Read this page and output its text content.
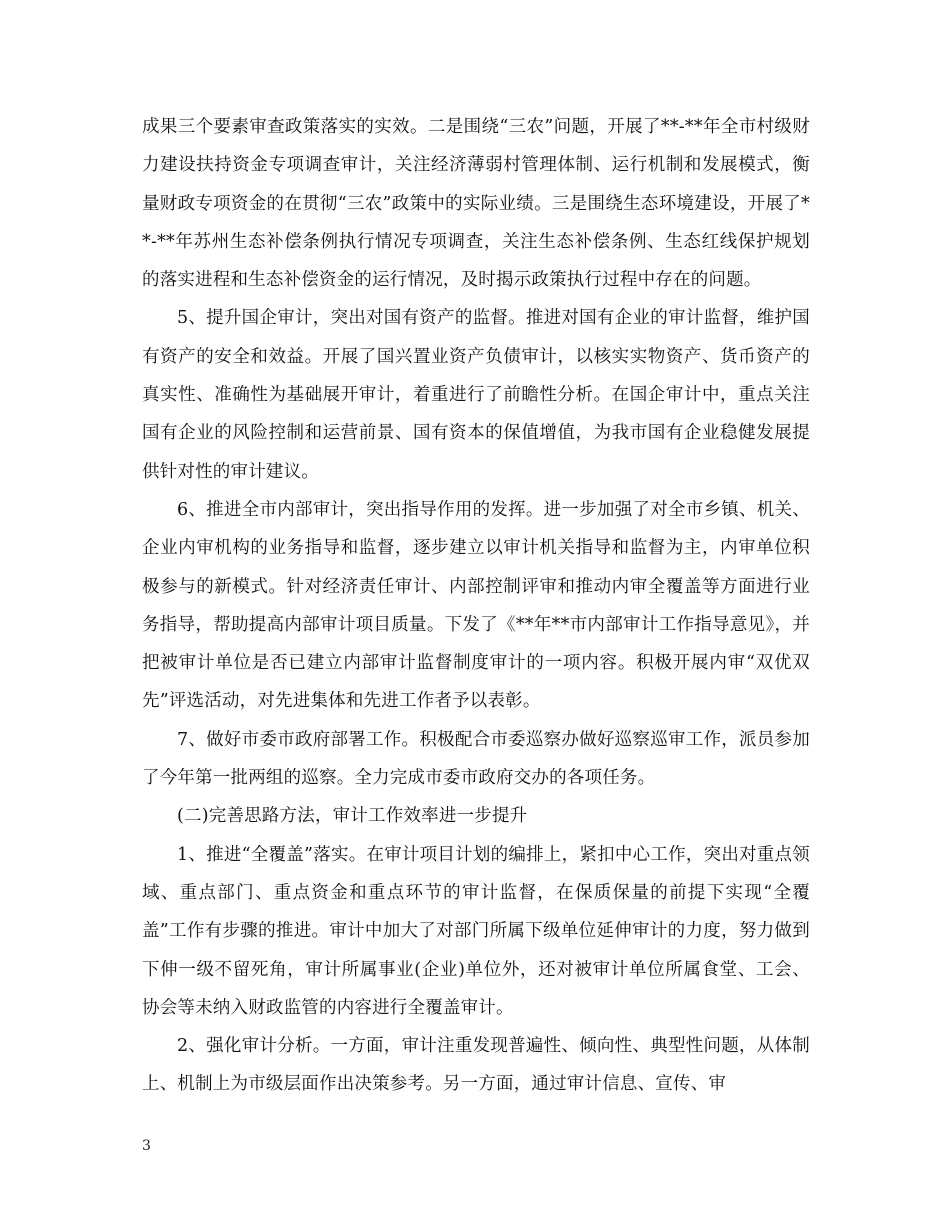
成果三个要素审查政策落实的实效。二是围绕“三农”问题，开展了**-**年全市村级财力建设扶持资金专项调查审计，关注经济薄弱村管理体制、运行机制和发展模式，衡量财政专项资金的在贯彻“三农”政策中的实际业绩。三是围绕生态环境建设，开展了**-**年苏州生态补偿条例执行情况专项调查，关注生态补偿条例、生态红线保护规划的落实进程和生态补偿资金的运行情况，及时揭示政策执行过程中存在的问题。

5、提升国企审计，突出对国有资产的监督。推进对国有企业的审计监督，维护国有资产的安全和效益。开展了国兴置业资产负债审计，以核实实物资产、货币资产的真实性、准确性为基础展开审计，着重进行了前瞻性分析。在国企审计中，重点关注国有企业的风险控制和运营前景、国有资本的保值增值，为我市国有企业稳健发展提供针对性的审计建议。

6、推进全市内部审计，突出指导作用的发挥。进一步加强了对全市乡镇、机关、企业内审机构的业务指导和监督，逐步建立以审计机关指导和监督为主，内审单位积极参与的新模式。针对经济责任审计、内部控制评审和推动内审全覆盖等方面进行业务指导，帮助提高内部审计项目质量。下发了《**年**市内部审计工作指导意见》，并把被审计单位是否已建立内部审计监督制度审计的一项内容。积极开展内审“双优双先”评选活动，对先进集体和先进工作者予以表彰。

7、做好市委市政府部署工作。积极配合市委巡察办做好巡察巡审工作，派员参加了今年第一批两组的巡察。全力完成市委市政府交办的各项任务。

(二)完善思路方法，审计工作效率进一步提升

1、推进“全覆盖”落实。在审计项目计划的编排上，紧扣中心工作，突出对重点领域、重点部门、重点资金和重点环节的审计监督，在保质保量的前提下实现“全覆盖”工作有步骤的推进。审计中加大了对部门所属下级单位延伸审计的力度，努力做到下伸一级不留死角，审计所属事业(企业)单位外，还对被审计单位所属食堂、工会、协会等未纳入财政监管的内容进行全覆盖审计。

2、强化审计分析。一方面，审计注重发现普遍性、倾向性、典型性问题，从体制上、机制上为市级层面作出决策参考。另一方面，通过审计信息、宣传、审

3
